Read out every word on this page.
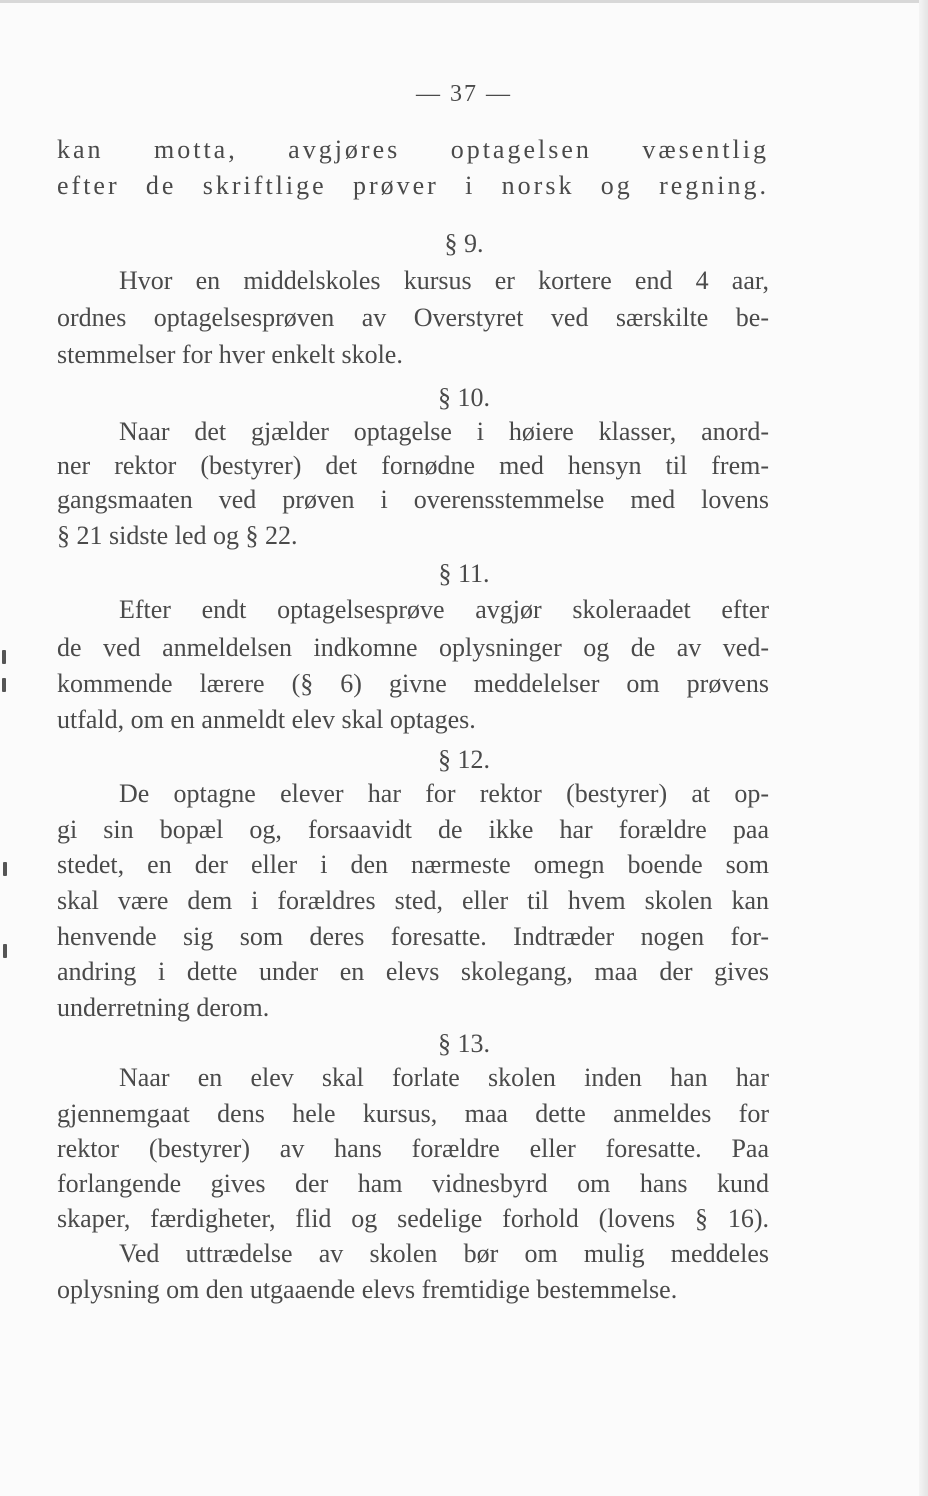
— 37 —
kan motta, avgjøres optagelsen væsentlig
efter de skriftlige prøver i norsk og regning.
§ 9.
Hvor en middelskoles kursus er kortere end 4 aar,
ordnes optagelsesprøven av Overstyret ved særskilte be-
stemmelser for hver enkelt skole.
§ 10.
Naar det gjælder optagelse i høiere klasser, anord-
ner rektor (bestyrer) det fornødne med hensyn til frem-
gangsmaaten ved prøven i overensstemmelse med lovens
§ 21 sidste led og § 22.
§ 11.
Efter endt optagelsesprøve avgjør skoleraadet efter
de ved anmeldelsen indkomne oplysninger og de av ved-
kommende lærere (§ 6) givne meddelelser om prøvens
utfald, om en anmeldt elev skal optages.
§ 12.
De optagne elever har for rektor (bestyrer) at op-
gi sin bopæl og, forsaavidt de ikke har forældre paa
stedet, en der eller i den nærmeste omegn boende som
skal være dem i forældres sted, eller til hvem skolen kan
henvende sig som deres foresatte. Indtræder nogen for-
andring i dette under en elevs skolegang, maa der gives
underretning derom.
§ 13.
Naar en elev skal forlate skolen inden han har
gjennemgaat dens hele kursus, maa dette anmeldes for
rektor (bestyrer) av hans forældre eller foresatte. Paa
forlangende gives der ham vidnesbyrd om hans kund
skaper, færdigheter, flid og sedelige forhold (lovens § 16).
Ved uttrædelse av skolen bør om mulig meddeles
oplysning om den utgaaende elevs fremtidige bestemmelse.
